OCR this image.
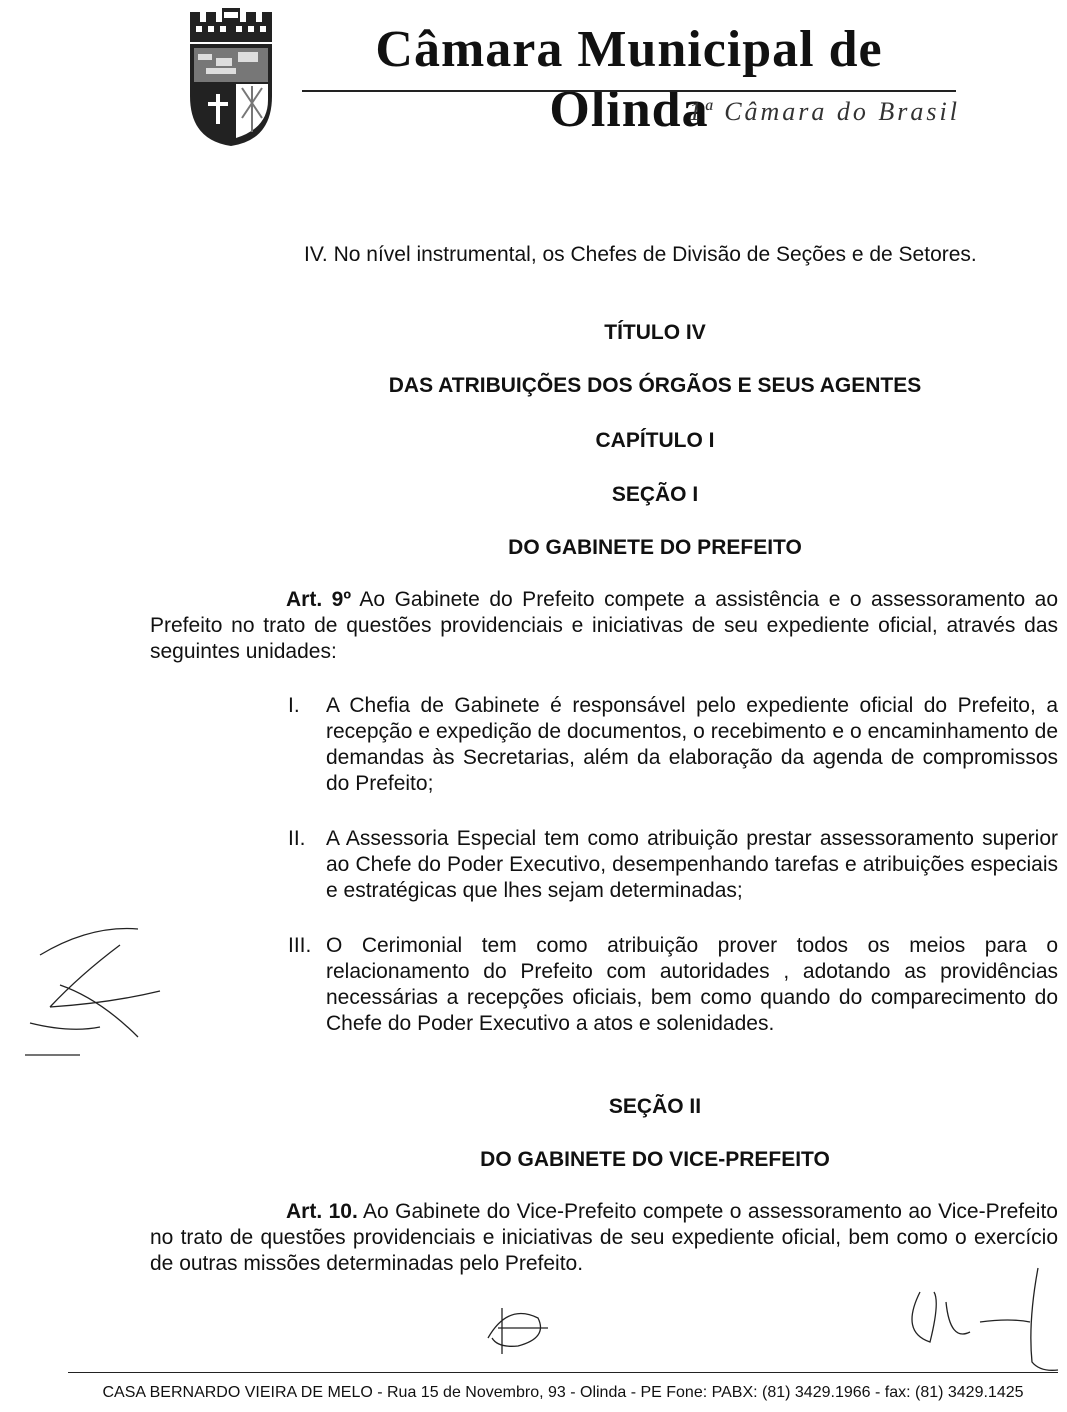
Câmara Municipal de Olinda
1ª Câmara do Brasil
IV. No nível instrumental, os Chefes de Divisão de Seções e de Setores.
TÍTULO IV
DAS ATRIBUIÇÕES DOS ÓRGÃOS E SEUS AGENTES
CAPÍTULO I
SEÇÃO I
DO GABINETE DO PREFEITO
Art. 9º Ao Gabinete do Prefeito compete a assistência e o assessoramento ao Prefeito no trato de questões providenciais e iniciativas de seu expediente oficial, através das seguintes unidades:
I. A Chefia de Gabinete é responsável pelo expediente oficial do Prefeito, a recepção e expedição de documentos, o recebimento e o encaminhamento de demandas às Secretarias, além da elaboração da agenda de compromissos do Prefeito;
II. A Assessoria Especial tem como atribuição prestar assessoramento superior ao Chefe do Poder Executivo, desempenhando tarefas e atribuições especiais e estratégicas que lhes sejam determinadas;
III. O Cerimonial tem como atribuição prover todos os meios para o relacionamento do Prefeito com autoridades , adotando as providências necessárias a recepções oficiais, bem como quando do comparecimento do Chefe do Poder Executivo a atos e solenidades.
SEÇÃO II
DO GABINETE DO VICE-PREFEITO
Art. 10. Ao Gabinete do Vice-Prefeito compete o assessoramento ao Vice-Prefeito no trato de questões providenciais e iniciativas de seu expediente oficial, bem como o exercício de outras missões determinadas pelo Prefeito.
CASA BERNARDO VIEIRA DE MELO - Rua 15 de Novembro, 93 - Olinda - PE Fone: PABX: (81) 3429.1966 - fax: (81) 3429.1425
